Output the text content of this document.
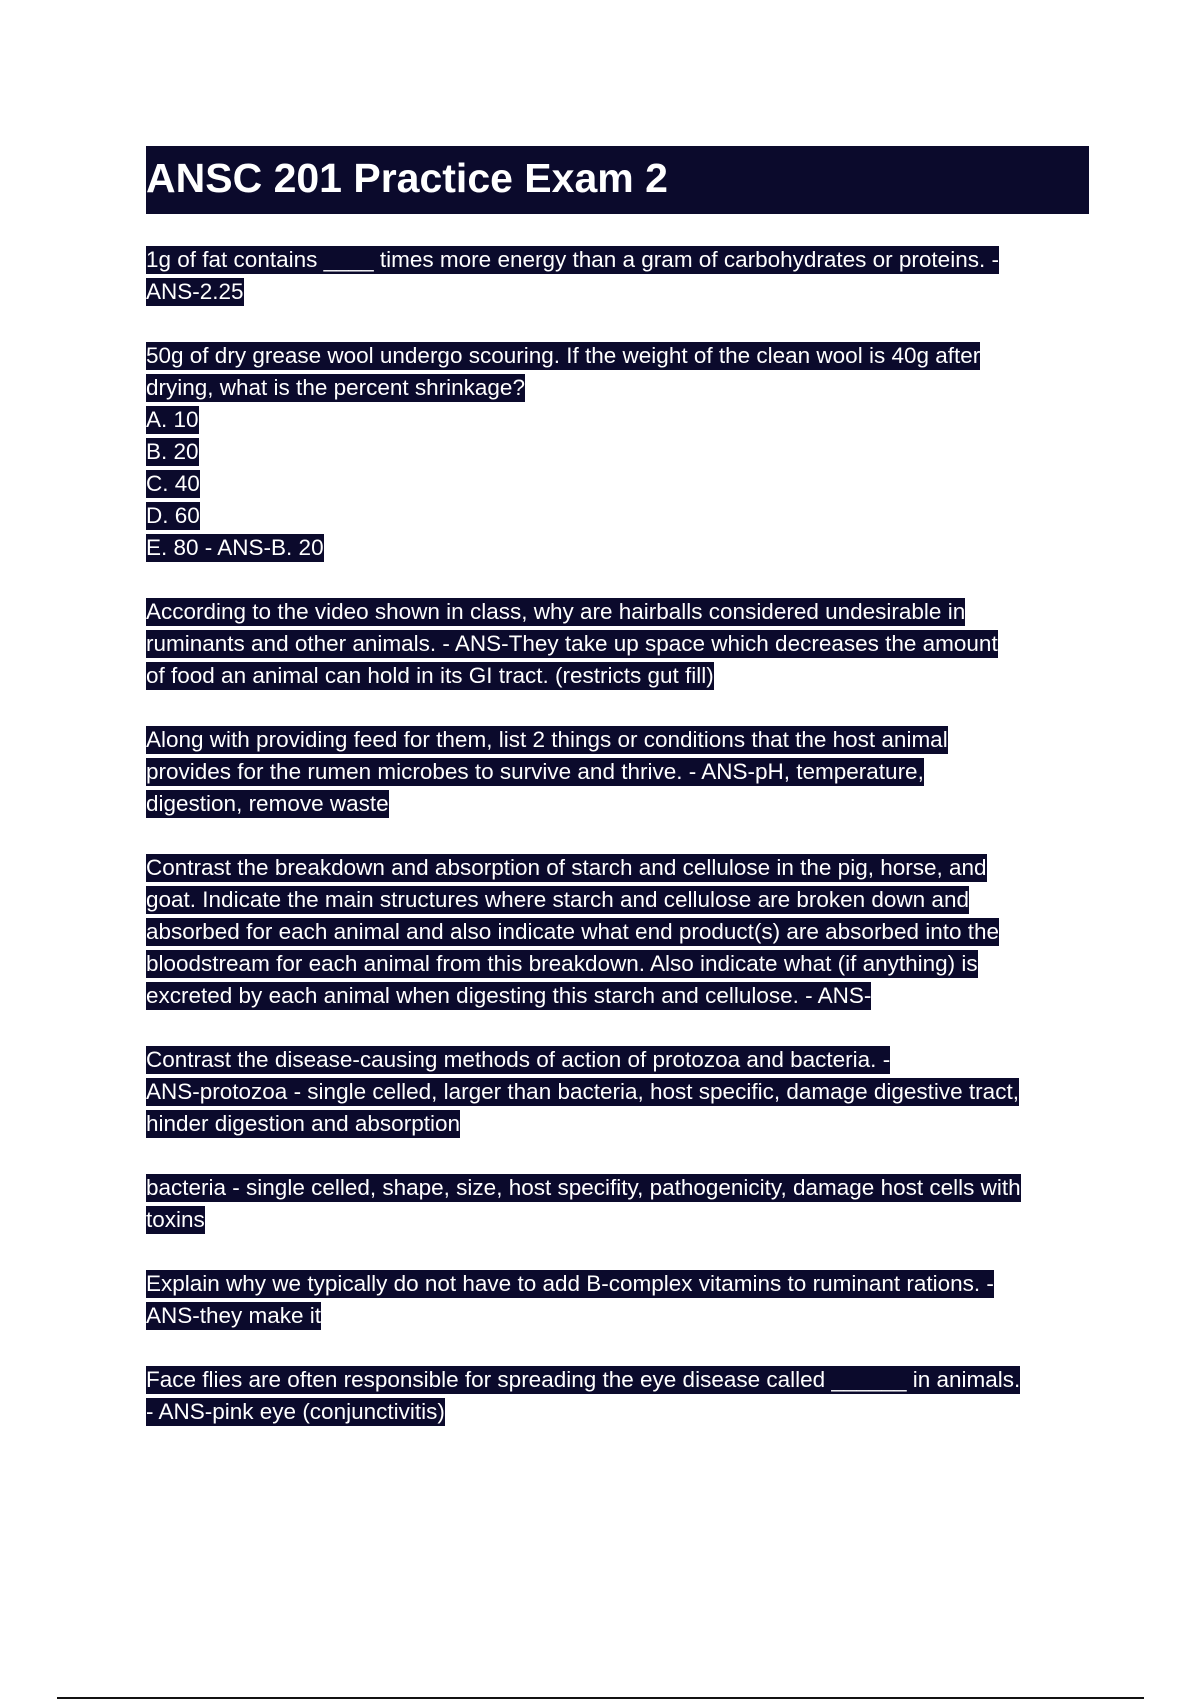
ANSC 201 Practice Exam 2
1g of fat contains ____ times more energy than a gram of carbohydrates or proteins. -
ANS-2.25
50g of dry grease wool undergo scouring. If the weight of the clean wool is 40g after
drying, what is the percent shrinkage?
A. 10
B. 20
C. 40
D. 60
E. 80 - ANS-B. 20
According to the video shown in class, why are hairballs considered undesirable in
ruminants and other animals. - ANS-They take up space which decreases the amount
of food an animal can hold in its GI tract. (restricts gut fill)
Along with providing feed for them, list 2 things or conditions that the host animal
provides for the rumen microbes to survive and thrive. - ANS-pH, temperature,
digestion, remove waste
Contrast the breakdown and absorption of starch and cellulose in the pig, horse, and
goat. Indicate the main structures where starch and cellulose are broken down and
absorbed for each animal and also indicate what end product(s) are absorbed into the
bloodstream for each animal from this breakdown. Also indicate what (if anything) is
excreted by each animal when digesting this starch and cellulose. - ANS-
Contrast the disease-causing methods of action of protozoa and bacteria. -
ANS-protozoa - single celled, larger than bacteria, host specific, damage digestive tract,
hinder digestion and absorption
bacteria - single celled, shape, size, host specifity, pathogenicity, damage host cells with
toxins
Explain why we typically do not have to add B-complex vitamins to ruminant rations. -
ANS-they make it
Face flies are often responsible for spreading the eye disease called ______ in animals.
- ANS-pink eye (conjunctivitis)
